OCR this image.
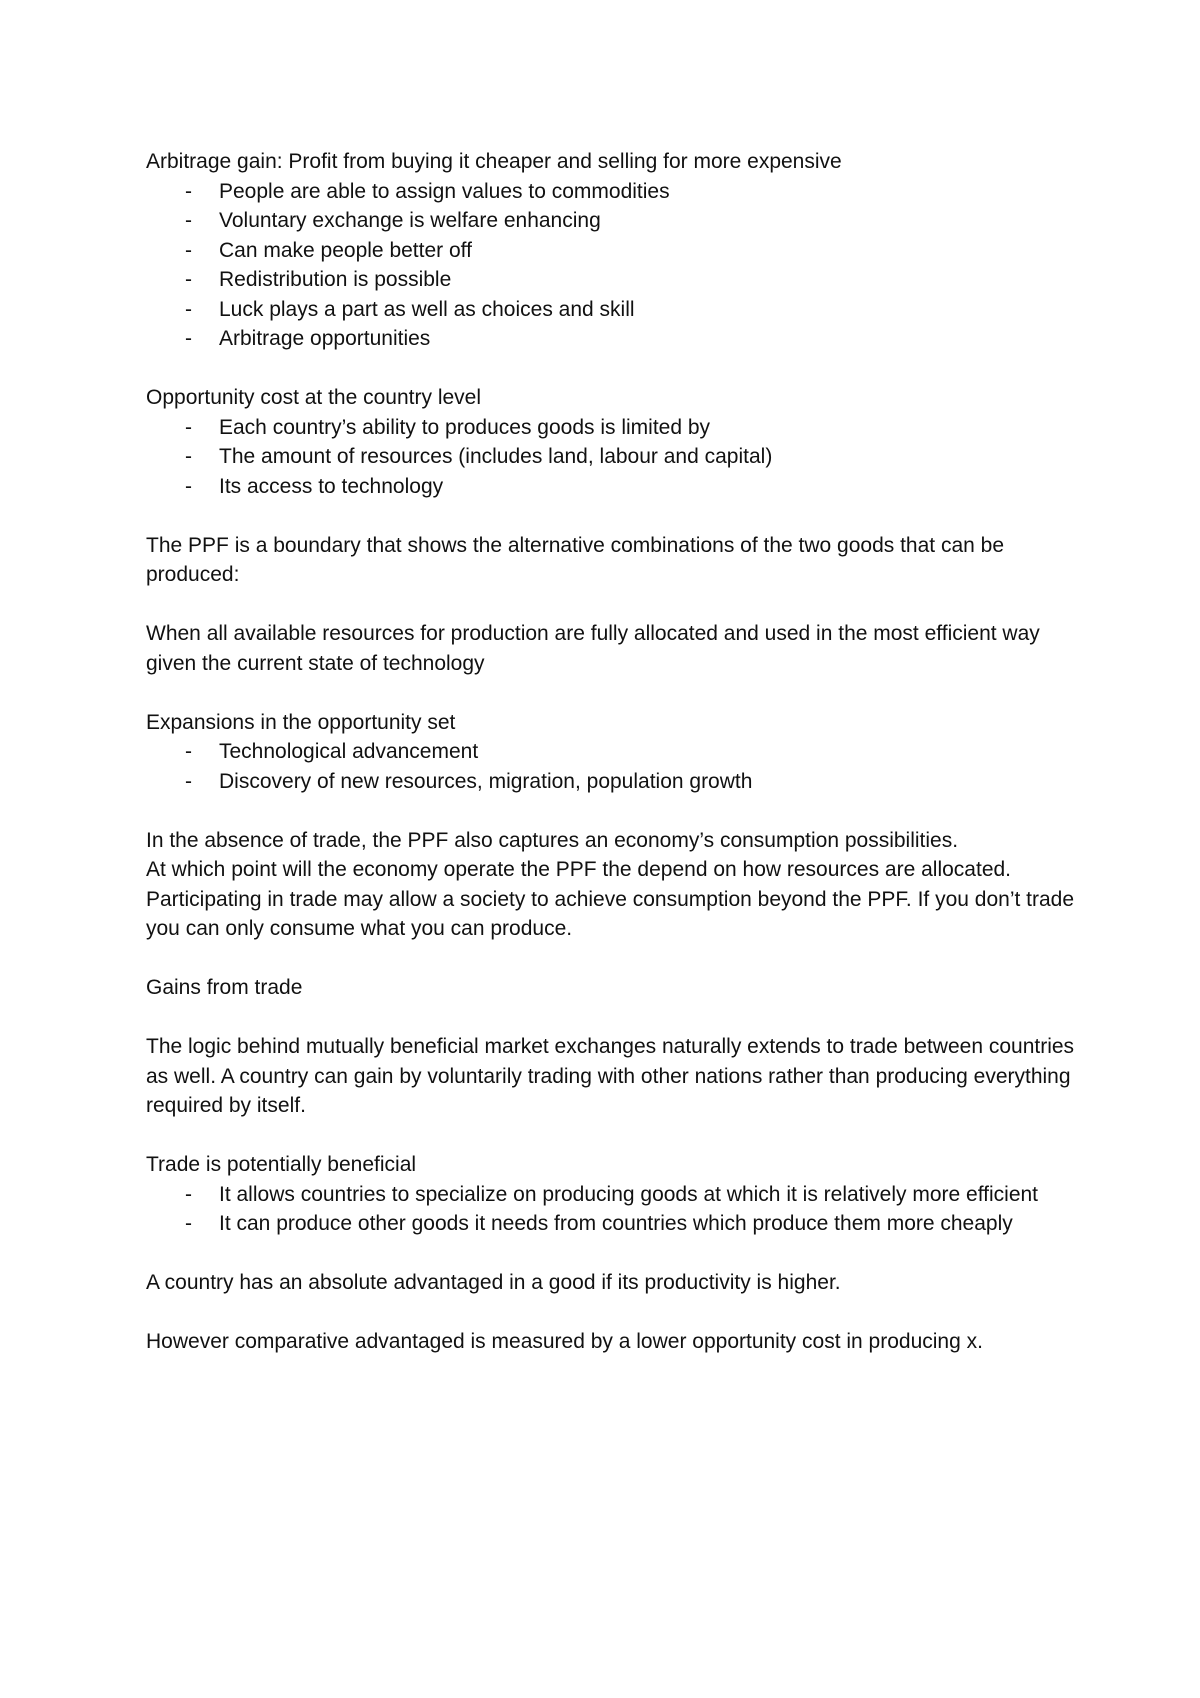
Arbitrage gain: Profit from buying it cheaper and selling for more expensive

- People are able to assign values to commodities
- Voluntary exchange is welfare enhancing
- Can make people better off
- Redistribution is possible
- Luck plays a part as well as choices and skill
- Arbitrage opportunities

Opportunity cost at the country level

- Each country’s ability to produces goods is limited by
- The amount of resources (includes land, labour and capital)
- Its access to technology

The PPF is a boundary that shows the alternative combinations of the two goods that can be produced:

When all available resources for production are fully allocated and used in the most efficient way given the current state of technology

Expansions in the opportunity set

- Technological advancement
- Discovery of new resources, migration, population growth

In the absence of trade, the PPF also captures an economy’s consumption possibilities.

At which point will the economy operate the PPF the depend on how resources are allocated. Participating in trade may allow a society to achieve consumption beyond the PPF. If you don’t trade you can only consume what you can produce.

Gains from trade

The logic behind mutually beneficial market exchanges naturally extends to trade between countries as well. A country can gain by voluntarily trading with other nations rather than producing everything required by itself.

Trade is potentially beneficial

- It allows countries to specialize on producing goods at which it is relatively more efficient
- It can produce other goods it needs from countries which produce them more cheaply

A country has an absolute advantaged in a good if its productivity is higher.

However comparative advantaged is measured by a lower opportunity cost in producing x.
